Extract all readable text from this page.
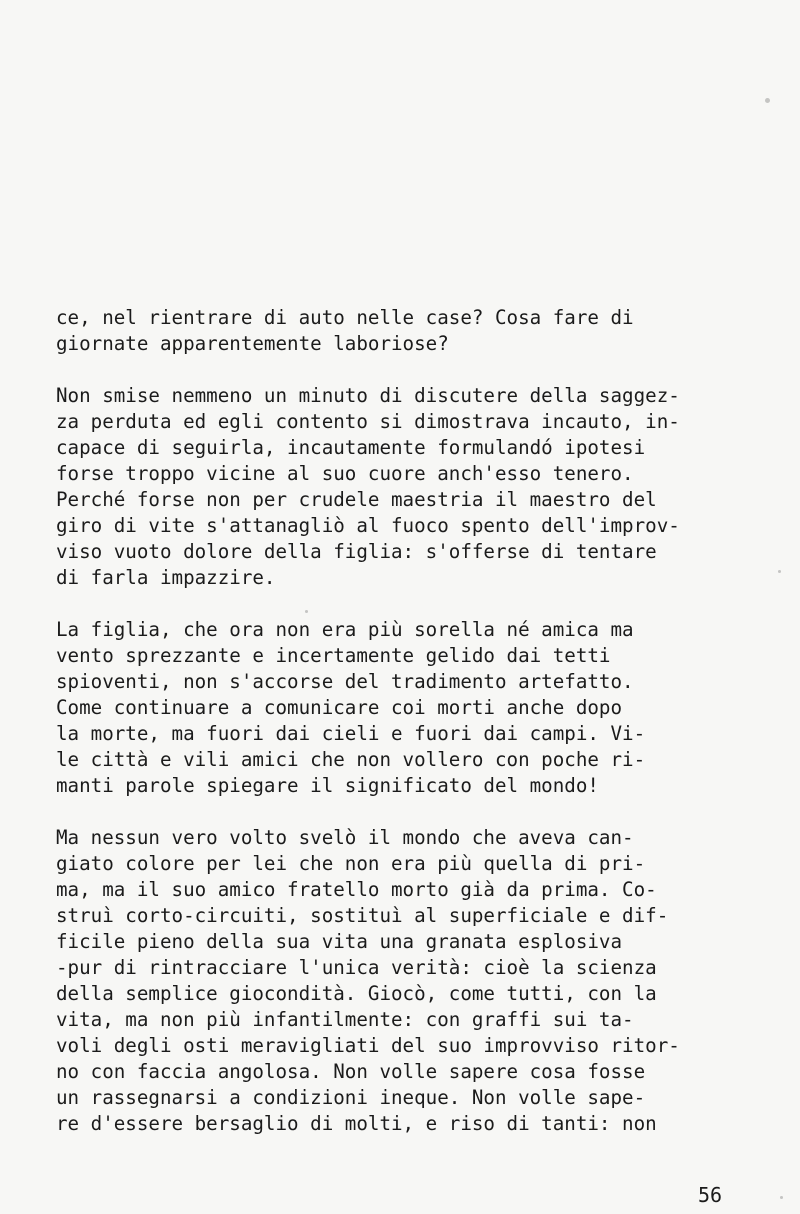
ce, nel rientrare di auto nelle case? Cosa fare di
giornate apparentemente laboriose?

Non smise nemmeno un minuto di discutere della saggez-
za perduta ed egli contento si dimostrava incauto, in-
capace di seguirla, incautamente formulandó ipotesi
forse troppo vicine al suo cuore anch'esso tenero.
Perché forse non per crudele maestria il maestro del
giro di vite s'attanagliò al fuoco spento dell'improv-
viso vuoto dolore della figlia: s'offerse di tentare
di farla impazzire.

La figlia, che ora non era più sorella né amica ma
vento sprezzante e incertamente gelido dai tetti
spioventi, non s'accorse del tradimento artefatto.
Come continuare a comunicare coi morti anche dopo
la morte, ma fuori dai cieli e fuori dai campi. Vi-
le città e vili amici che non vollero con poche ri-
manti parole spiegare il significato del mondo!

Ma nessun vero volto svelò il mondo che aveva can-
giato colore per lei che non era più quella di pri-
ma, ma il suo amico fratello morto già da prima. Co-
struì corto-circuiti, sostituì al superficiale e dif-
ficile pieno della sua vita una granata esplosiva
-pur di rintracciare l'unica verità: cioè la scienza
della semplice giocondità. Giocò, come tutti, con la
vita, ma non più infantilmente: con graffi sui ta-
voli degli osti meravigliati del suo improvviso ritor-
no con faccia angolosa. Non volle sapere cosa fosse
un rassegnarsi a condizioni ineque. Non volle sape-
re d'essere bersaglio di molti, e riso di tanti: non

56
